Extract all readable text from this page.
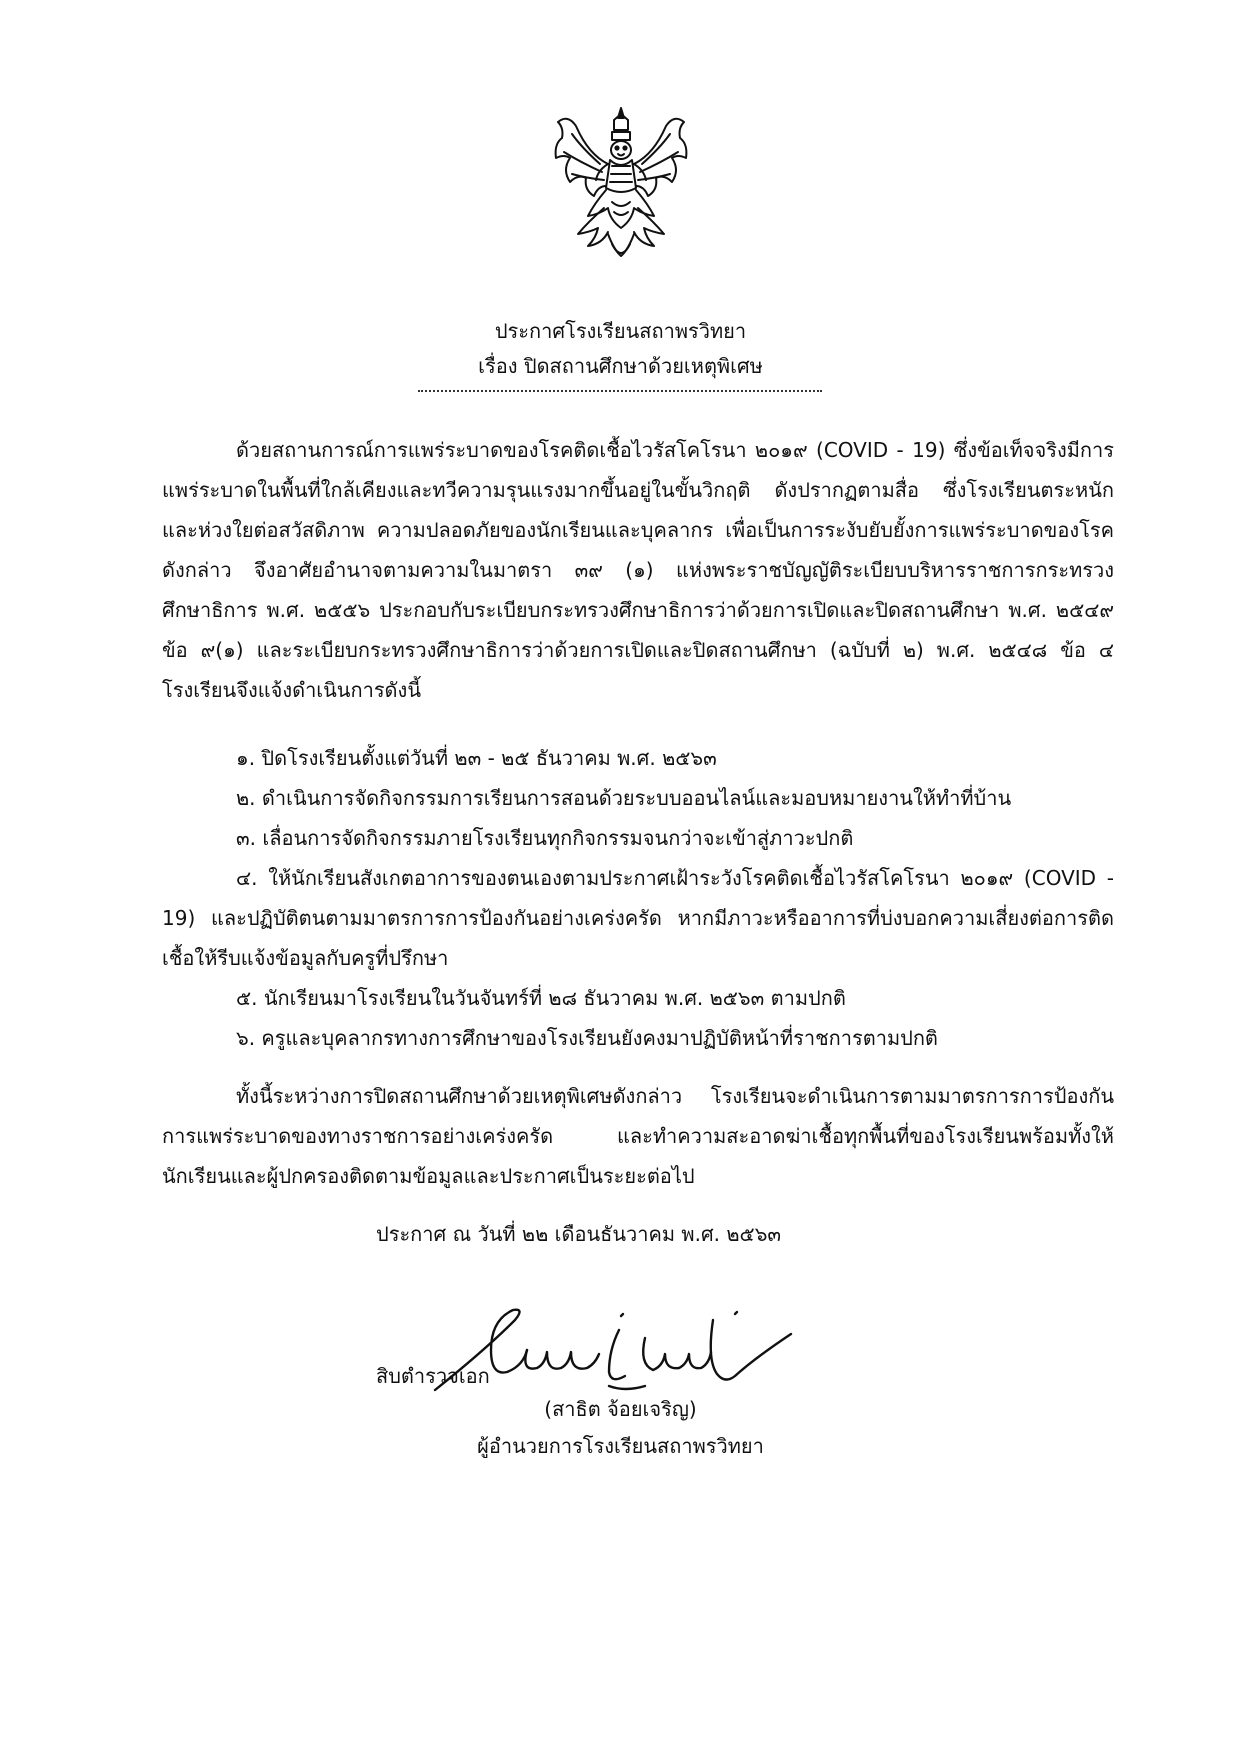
ประกาศโรงเรียนสถาพรวิทยา
เรื่อง ปิดสถานศึกษาด้วยเหตุพิเศษ

ด้วยสถานการณ์การแพร่ระบาดของโรคติดเชื้อไวรัสโคโรนา ๒๐๑๙ (COVID - 19) ซึ่งข้อเท็จจริงมีการแพร่ระบาดในพื้นที่ใกล้เคียงและทวีความรุนแรงมากขึ้นอยู่ในขั้นวิกฤติ ดังปรากฏตามสื่อ ซึ่งโรงเรียนตระหนักและห่วงใยต่อสวัสดิภาพ ความปลอดภัยของนักเรียนและบุคลากร เพื่อเป็นการระงับยับยั้งการแพร่ระบาดของโรคดังกล่าว จึงอาศัยอำนาจตามความในมาตรา ๓๙ (๑) แห่งพระราชบัญญัติระเบียบบริหารราชการกระทรวงศึกษาธิการ พ.ศ. ๒๕๕๖ ประกอบกับระเบียบกระทรวงศึกษาธิการว่าด้วยการเปิดและปิดสถานศึกษา พ.ศ. ๒๕๔๙ ข้อ ๙(๑) และระเบียบกระทรวงศึกษาธิการว่าด้วยการเปิดและปิดสถานศึกษา (ฉบับที่ ๒) พ.ศ. ๒๕๔๘ ข้อ ๔ โรงเรียนจึงแจ้งดำเนินการดังนี้

๑. ปิดโรงเรียนตั้งแต่วันที่ ๒๓ - ๒๕ ธันวาคม พ.ศ. ๒๕๖๓
๒. ดำเนินการจัดกิจกรรมการเรียนการสอนด้วยระบบออนไลน์และมอบหมายงานให้ทำที่บ้าน
๓. เลื่อนการจัดกิจกรรมภายโรงเรียนทุกกิจกรรมจนกว่าจะเข้าสู่ภาวะปกติ

๔. ให้นักเรียนสังเกตอาการของตนเองตามประกาศเฝ้าระวังโรคติดเชื้อไวรัสโคโรนา ๒๐๑๙ (COVID - 19) และปฏิบัติตนตามมาตรการการป้องกันอย่างเคร่งครัด หากมีภาวะหรืออาการที่บ่งบอกความเสี่ยงต่อการติดเชื้อให้รีบแจ้งข้อมูลกับครูที่ปรึกษา

๕. นักเรียนมาโรงเรียนในวันจันทร์ที่ ๒๘ ธันวาคม พ.ศ. ๒๕๖๓ ตามปกติ
๖. ครูและบุคลากรทางการศึกษาของโรงเรียนยังคงมาปฏิบัติหน้าที่ราชการตามปกติ

ทั้งนี้ระหว่างการปิดสถานศึกษาด้วยเหตุพิเศษดังกล่าว โรงเรียนจะดำเนินการตามมาตรการการป้องกันการแพร่ระบาดของทางราชการอย่างเคร่งครัด และทำความสะอาดฆ่าเชื้อทุกพื้นที่ของโรงเรียนพร้อมทั้งให้นักเรียนและผู้ปกครองติดตามข้อมูลและประกาศเป็นระยะต่อไป

ประกาศ ณ วันที่ ๒๒ เดือนธันวาคม พ.ศ. ๒๕๖๓
สิบตำรวจเอก
(สาธิต จ้อยเจริญ)
ผู้อำนวยการโรงเรียนสถาพรวิทยา
